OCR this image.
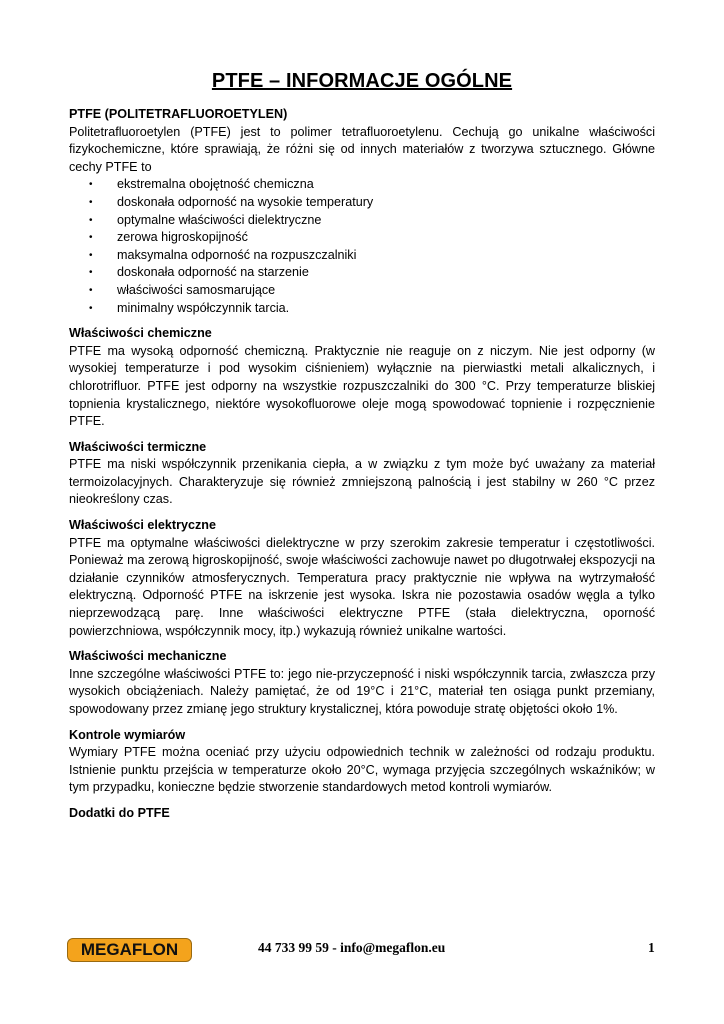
PTFE – INFORMACJE OGÓLNE
PTFE (POLITETRAFLUOROETYLEN)

Politetrafluoroetylen (PTFE) jest to polimer tetrafluoroetylenu. Cechują go unikalne właściwości fizykochemiczne, które sprawiają, że różni się od innych materiałów z tworzywa sztucznego. Główne cechy PTFE to

• ekstremalna obojętność chemiczna
• doskonała odporność na wysokie temperatury
• optymalne właściwości dielektryczne
• zerowa higroskopijność
• maksymalna odporność na rozpuszczalniki
• doskonała odporność na starzenie
• właściwości samosmarujące
• minimalny współczynnik tarcia.
Właściwości chemiczne

PTFE ma wysoką odporność chemiczną. Praktycznie nie reaguje on z niczym. Nie jest odporny (w wysokiej temperaturze i pod wysokim ciśnieniem) wyłącznie na pierwiastki metali alkalicznych, i chlorotrifluor. PTFE jest odporny na wszystkie rozpuszczalniki do 300 °C. Przy temperaturze bliskiej topnienia krystalicznego, niektóre wysokofluorowe oleje mogą spowodować topnienie i rozpęcznienie PTFE.

Właściwości termiczne

PTFE ma niski współczynnik przenikania ciepła, a w związku z tym może być uważany za materiał termoizolacyjnych. Charakteryzuje się również zmniejszoną palnością i jest stabilny w 260 °C przez nieokreślony czas.

Właściwości elektryczne

PTFE ma optymalne właściwości dielektryczne w przy szerokim zakresie temperatur i częstotliwości. Ponieważ ma zerową higroskopijność, swoje właściwości zachowuje nawet po długotrwałej ekspozycji na działanie czynników atmosferycznych. Temperatura pracy praktycznie nie wpływa na wytrzymałość elektryczną. Odporność PTFE na iskrzenie jest wysoka. Iskra nie pozostawia osadów węgla a tylko nieprzewodzącą parę. Inne właściwości elektryczne PTFE (stała dielektryczna, oporność powierzchniowa, współczynnik mocy, itp.) wykazują również unikalne wartości.

Właściwości mechaniczne

Inne szczególne właściwości PTFE to: jego nie-przyczepność i niski współczynnik tarcia, zwłaszcza przy wysokich obciążeniach. Należy pamiętać, że od 19°C i 21°C, materiał ten osiąga punkt przemiany, spowodowany przez zmianę jego struktury krystalicznej, która powoduje stratę objętości około 1%.

Kontrole wymiarów

Wymiary PTFE można oceniać przy użyciu odpowiednich technik w zależności od rodzaju produktu. Istnienie punktu przejścia w temperaturze około 20°C, wymaga przyjęcia szczególnych wskaźników; w tym przypadku, konieczne będzie stworzenie standardowych metod kontroli wymiarów.

Dodatki do PTFE
MEGAFLON	44 733 99 59 - info@megaflon.eu	1
